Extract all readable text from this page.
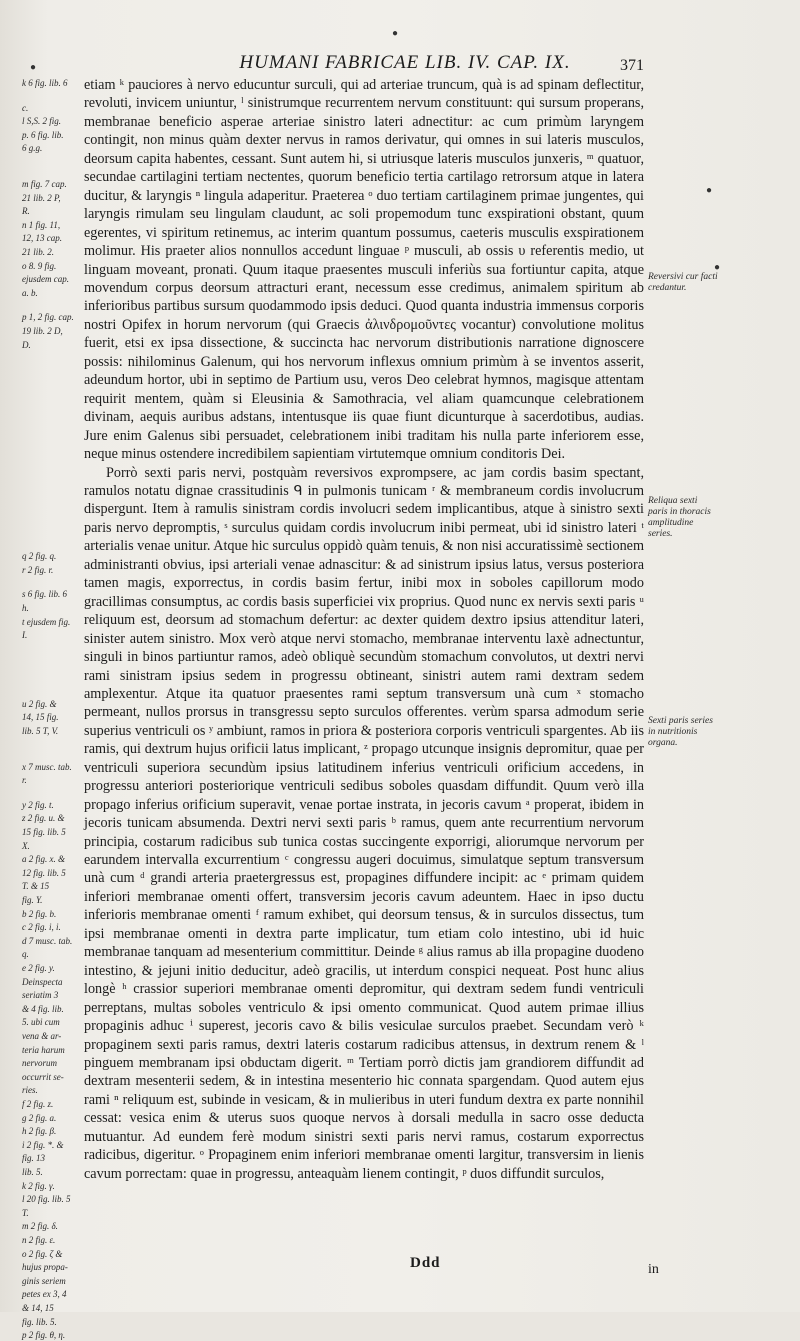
●
●
●
●
HUMANI FABRICAE LIB. IV. CAP. IX.	371
k 6 fig. lib. 6
c.
l S,S. 2 fig.
p. 6 fig. lib.
6 g.g.
m fig. 7 cap.
21 lib. 2 P,
R.
n 1 fig. 11,
12, 13 cap.
21 lib. 2.
o 8. 9 fig.
ejusdem cap.
a. b.
p 1, 2 fig. cap.
19 lib. 2 D,
D.
q 2 fig. q.
r 2 fig. r.
s 6 fig. lib. 6
h.
t ejusdem fig.
I.
u 2 fig. &
14, 15 fig.
lib. 5 T, V.
x 7 musc. tab.
r.
y 2 fig. t.
z 2 fig. u. &
15 fig. lib. 5
X.
a 2 fig. x. &
12 fig. lib. 5
T. & 15
fig. Y.
b 2 fig. b.
c 2 fig. i, i.
d 7 musc. tab.
q.
e 2 fig. y.
Deinspecta
seriatim 3
& 4 fig. lib.
5. ubi cum
vena & ar-
teria harum
nervorum
occurrit se-
ries.
f 2 fig. z.
g 2 fig. a.
h 2 fig. β.
i 2 fig. *. &
fig. 13
lib. 5.
k 2 fig. γ.
l 20 fig. lib. 5
T.
m 2 fig. δ.
n 2 fig. ε.
o 2 fig. ζ &
hujus propa-
ginis seriem
petes ex 3, 4
& 14, 15
fig. lib. 5.
p 2 fig. θ, η.

etiam ᵏ pauciores à nervo educuntur surculi, qui ad arteriae truncum, quà is ad spinam deflectitur, revoluti, invicem uniuntur, ˡ sinistrumque recurrentem nervum constituunt: qui sursum properans, membranae beneficio asperae arteriae sinistro lateri adnectitur: ac cum primùm laryngem contingit, non minus quàm dexter nervus in ramos derivatur, qui omnes in sui lateris musculos, deorsum capita habentes, cessant. Sunt autem hi, si utriusque lateris musculos junxeris, ᵐ quatuor, secundae cartilagini tertiam nectentes, quorum beneficio tertia cartilago retrorsum atque in latera ducitur, & laryngis ⁿ lingula adaperitur. Praeterea ᵒ duo tertiam cartilaginem primae jungentes, qui laryngis rimulam seu lingulam claudunt, ac soli propemodum tunc exspirationi obstant, quum egerentes, vi spiritum retinemus, ac interim quantum possumus, caeteris musculis exspirationem molimur. His praeter alios nonnullos accedunt linguae ᵖ musculi, ab ossis υ referentis medio, ut linguam moveant, pronati. Quum itaque praesentes musculi inferiùs sua fortiuntur capita, atque movendum corpus deorsum attracturi erant, necessum esse credimus, animalem spiritum ab inferioribus partibus sursum quodammodo ipsis deduci. Quod quanta industria immensus corporis nostri Opifex in horum nervorum (qui Graecis ἀλινδρομοῦντες vocantur) convolutione molitus fuerit, etsi ex ipsa dissectione, & succincta hac nervorum distributionis narratione dignoscere possis: nihilominus Galenum, qui hos nervorum inflexus omnium primùm à se inventos asserit, adeundum hortor, ubi in septimo de Partium usu, veros Deo celebrat hymnos, magisque attentam requirit mentem, quàm si Eleusinia & Samothracia, vel aliam quamcunque celebrationem divinam, aequis auribus adstans, intentusque iis quae fiunt dicunturque à sacerdotibus, audias. Jure enim Galenus sibi persuadet, celebrationem inibi traditam his nulla parte inferiorem esse, neque minus ostendere incredibilem sapientiam virtutemque omnium conditoris Dei.

Porrò sexti paris nervi, postquàm reversivos exprompsere, ac jam cordis basim spectant, ramulos notatu dignae crassitudinis ᑫ in pulmonis tunicam ʳ & membraneum cordis involucrum dispergunt. Item à ramulis sinistram cordis involucri sedem implicantibus, atque à sinistro sexti paris nervo depromptis, ˢ surculus quidam cordis involucrum inibi permeat, ubi id sinistro lateri ᵗ arterialis venae unitur. Atque hic surculus oppidò quàm tenuis, & non nisi accuratissimè sectionem administranti obvius, ipsi arteriali venae adnascitur: & ad sinistrum ipsius latus, versus posteriora tamen magis, exporrectus, in cordis basim fertur, inibi mox in soboles capillorum modo gracillimas consumptus, ac cordis basis superficiei vix proprius. Quod nunc ex nervis sexti paris ᵘ reliquum est, deorsum ad stomachum defertur: ac dexter quidem dextro ipsius attenditur lateri, sinister autem sinistro. Mox verò atque nervi stomacho, membranae interventu laxè adnectuntur, singuli in binos partiuntur ramos, adeò obliquè secundùm stomachum convolutos, ut dextri nervi rami sinistram ipsius sedem in progressu obtineant, sinistri autem rami dextram sedem amplexentur. Atque ita quatuor praesentes rami septum transversum unà cum ˣ stomacho permeant, nullos prorsus in transgressu septo surculos offerentes. verùm sparsa admodum serie superius ventriculi os ʸ ambiunt, ramos in priora & posteriora corporis ventriculi spargentes. Ab iis ramis, qui dextrum hujus orificii latus implicant, ᶻ propago utcunque insignis depromitur, quae per ventriculi superiora secundùm ipsius latitudinem inferius ventriculi orificium accedens, in progressu anteriori posteriorique ventriculi sedibus soboles quasdam diffundit. Quum verò illa propago inferius orificium superavit, venae portae instrata, in jecoris cavum ᵃ properat, ibidem in jecoris tunicam absumenda. Dextri nervi sexti paris ᵇ ramus, quem ante recurrentium nervorum principia, costarum radicibus sub tunica costas succingente exporrigi, aliorumque nervorum per earundem intervalla excurrentium ᶜ congressu augeri docuimus, simulatque septum transversum unà cum ᵈ grandi arteria praetergressus est, propagines diffundere incipit: ac ᵉ primam quidem inferiori membranae omenti offert, transversim jecoris cavum adeuntem. Haec in ipso ductu inferioris membranae omenti ᶠ ramum exhibet, qui deorsum tensus, & in surculos dissectus, tum ipsi membranae omenti in dextra parte implicatur, tum etiam colo intestino, ubi id huic membranae tanquam ad mesenterium committitur. Deinde ᵍ alius ramus ab illa propagine duodeno intestino, & jejuni initio deducitur, adeò gracilis, ut interdum conspici nequeat. Post hunc alius longè ʰ crassior superiori membranae omenti depromitur, qui dextram sedem fundi ventriculi perreptans, multas soboles ventriculo & ipsi omento communicat. Quod autem primae illius propaginis adhuc ⁱ superest, jecoris cavo & bilis vesiculae surculos praebet. Secundam verò ᵏ propaginem sexti paris ramus, dextri lateris costarum radicibus attensus, in dextrum renem & ˡ pinguem membranam ipsi obductam digerit. ᵐ Tertiam porrò dictis jam grandiorem diffundit ad dextram mesenterii sedem, & in intestina mesenterio hic connata spargendam. Quod autem ejus rami ⁿ reliquum est, subinde in vesicam, & in mulieribus in uteri fundum dextra ex parte nonnihil cessat: vesica enim & uterus suos quoque nervos à dorsali medulla in sacro osse deducta mutuantur. Ad eundem ferè modum sinistri sexti paris nervi ramus, costarum exporrectus radicibus, digeritur. ᵒ Propaginem enim inferiori membranae omenti largitur, transversim in lienis cavum porrectam: quae in progressu, anteaquàm lienem contingit, ᵖ duos diffundit surculos,

Reversivi cur facti credantur.
Reliqua sexti paris in thoracis amplitudine series.
Sexti paris series in nutritionis organa.
Ddd	in
